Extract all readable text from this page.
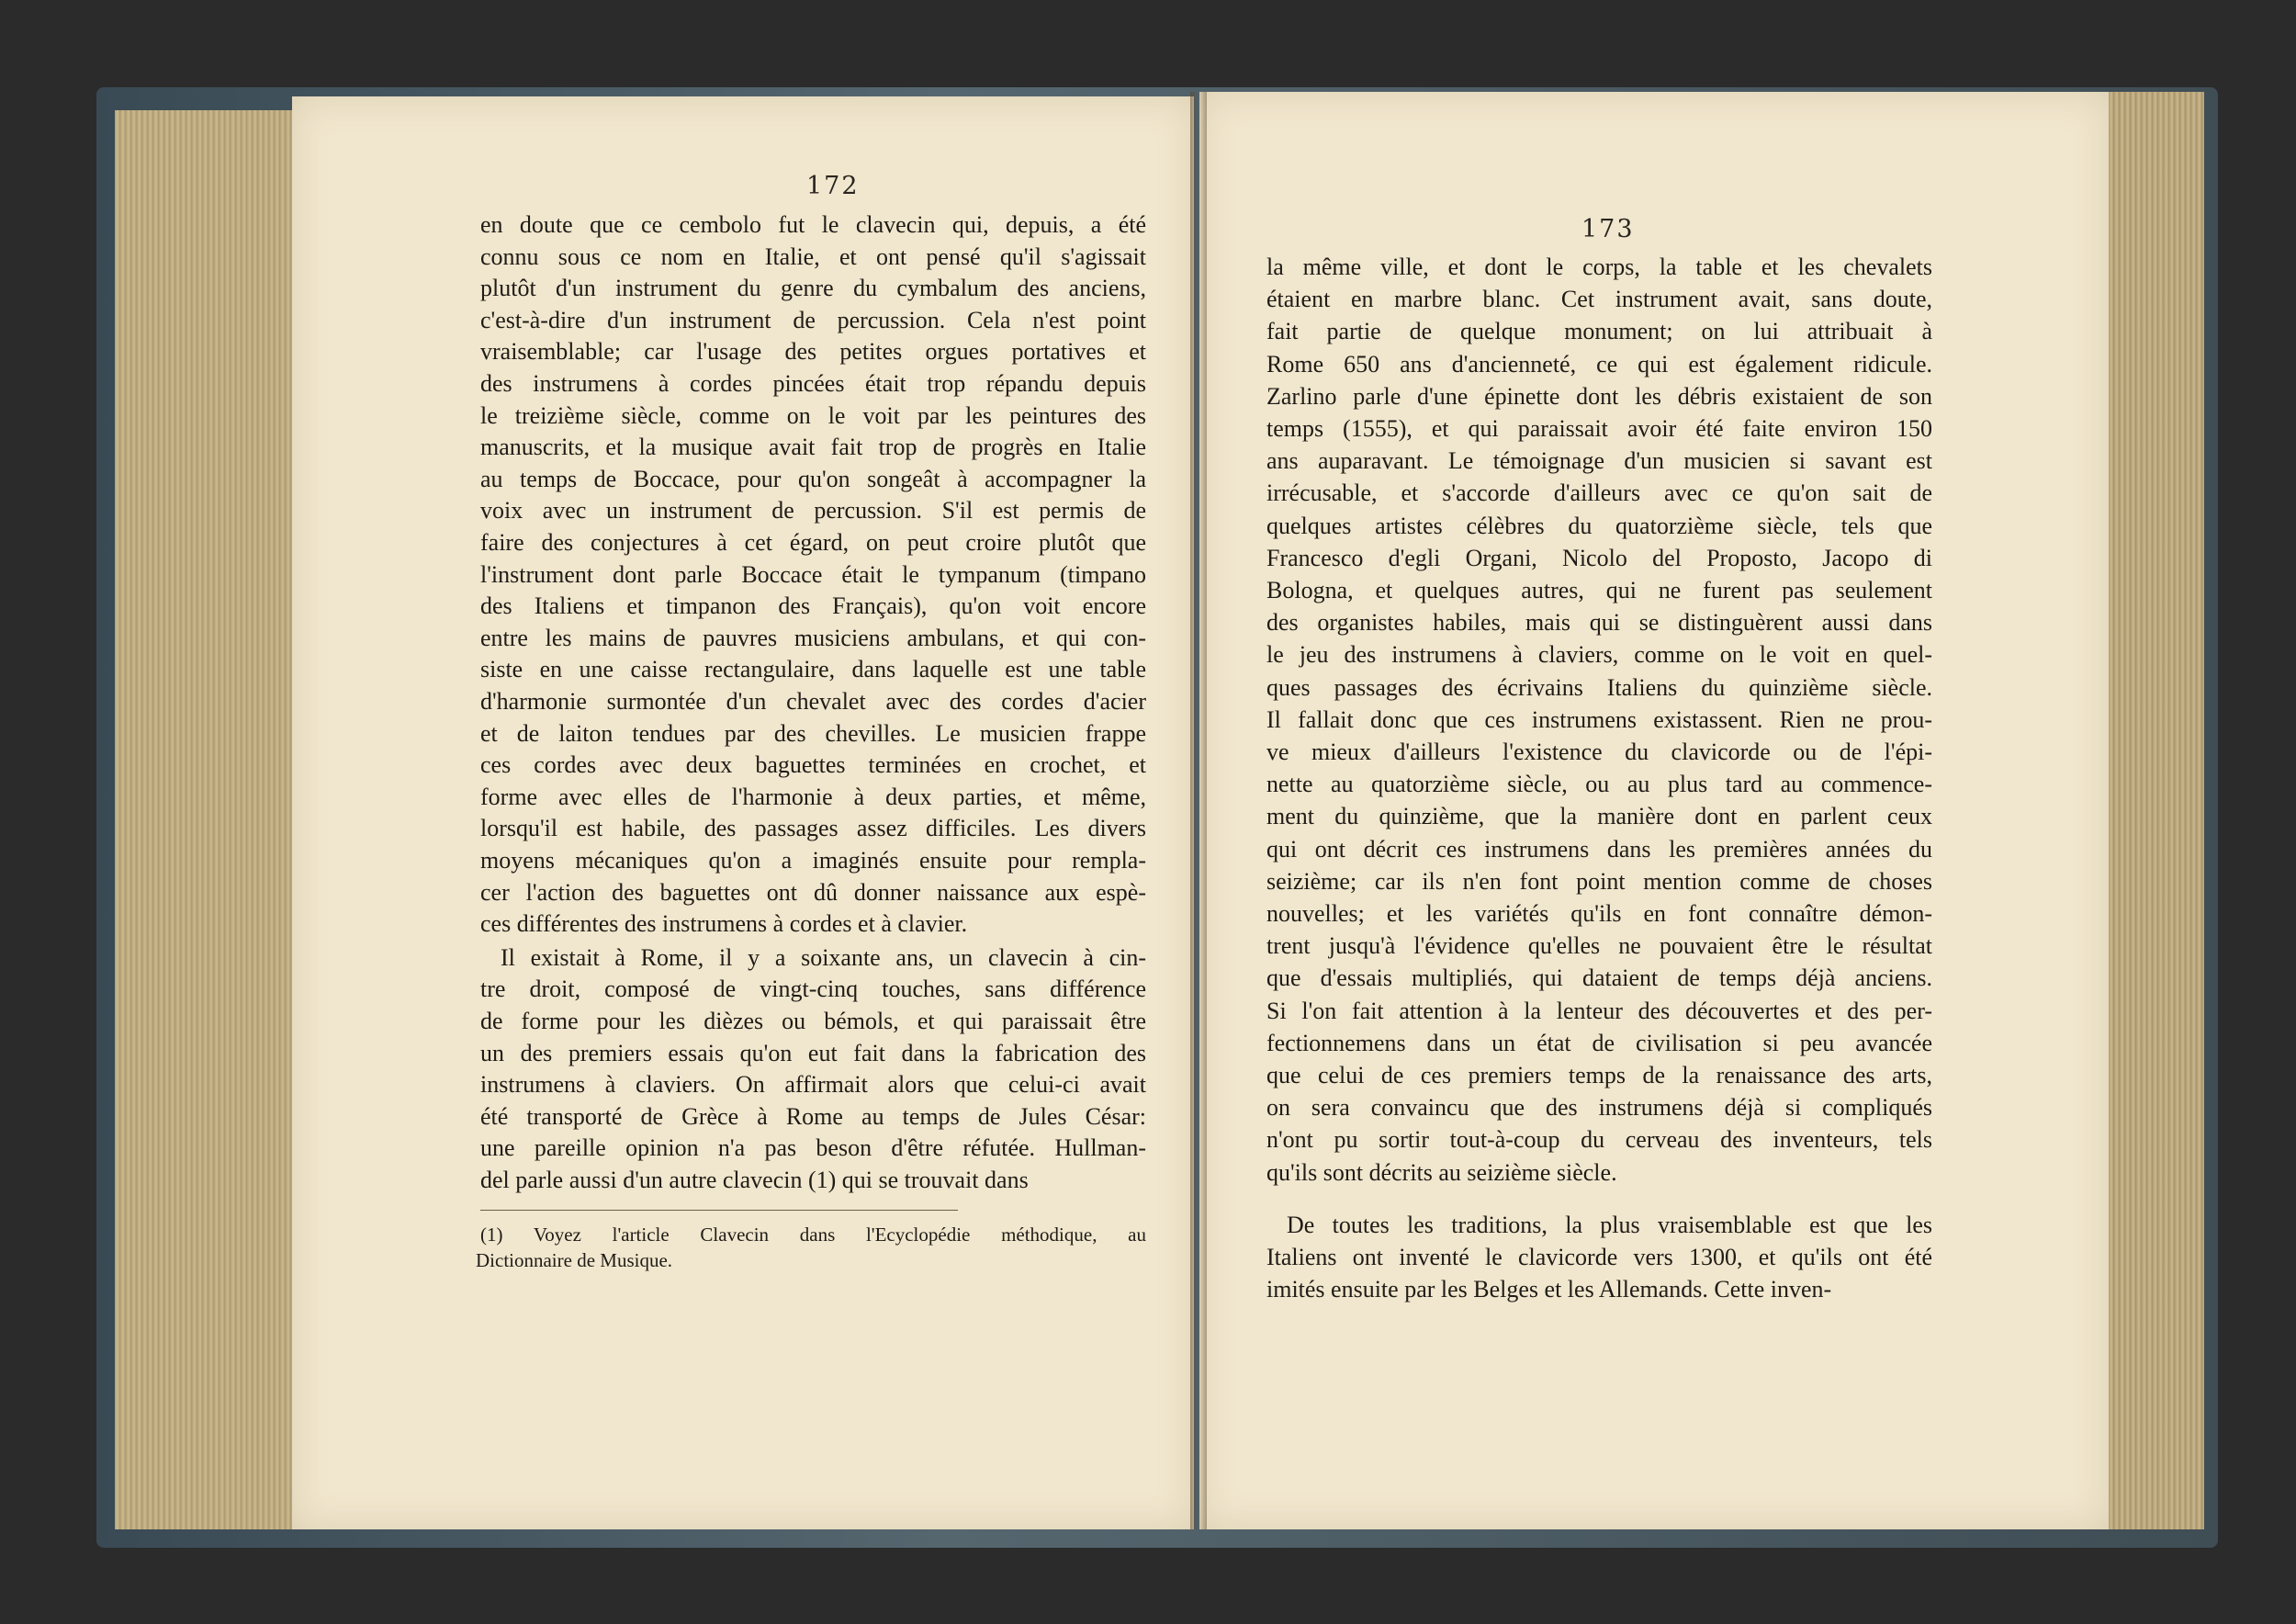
172
en doute que ce cembolo fut le clavecin qui, depuis, a été
connu sous ce nom en Italie, et ont pensé qu'il s'agissait
plutôt d'un instrument du genre du cymbalum des anciens,
c'est-à-dire d'un instrument de percussion. Cela n'est point
vraisemblable; car l'usage des petites orgues portatives et
des instrumens à cordes pincées était trop répandu depuis
le treizième siècle, comme on le voit par les peintures des
manuscrits, et la musique avait fait trop de progrès en Italie
au temps de Boccace, pour qu'on songeât à accompagner la
voix avec un instrument de percussion. S'il est permis de
faire des conjectures à cet égard, on peut croire plutôt que
l'instrument dont parle Boccace était le tympanum (timpano
des Italiens et timpanon des Français), qu'on voit encore
entre les mains de pauvres musiciens ambulans, et qui con-
siste en une caisse rectangulaire, dans laquelle est une table
d'harmonie surmontée d'un chevalet avec des cordes d'acier
et de laiton tendues par des chevilles. Le musicien frappe
ces cordes avec deux baguettes terminées en crochet, et
forme avec elles de l'harmonie à deux parties, et même,
lorsqu'il est habile, des passages assez difficiles. Les divers
moyens mécaniques qu'on a imaginés ensuite pour rempla-
cer l'action des baguettes ont dû donner naissance aux espè-
ces différentes des instrumens à cordes et à clavier.
Il existait à Rome, il y a soixante ans, un clavecin à cin-
tre droit, composé de vingt-cinq touches, sans différence
de forme pour les dièzes ou bémols, et qui paraissait être
un des premiers essais qu'on eut fait dans la fabrication des
instrumens à claviers. On affirmait alors que celui-ci avait
été transporté de Grèce à Rome au temps de Jules César:
une pareille opinion n'a pas beson d'être réfutée. Hullman-
del parle aussi d'un autre clavecin (1) qui se trouvait dans
(1) Voyez l'article Clavecin dans l'Ecyclopédie méthodique, au
Dictionnaire de Musique.
173
la même ville, et dont le corps, la table et les chevalets
étaient en marbre blanc. Cet instrument avait, sans doute,
fait partie de quelque monument; on lui attribuait à
Rome 650 ans d'ancienneté, ce qui est également ridicule.
Zarlino parle d'une épinette dont les débris existaient de son
temps (1555), et qui paraissait avoir été faite environ 150
ans auparavant. Le témoignage d'un musicien si savant est
irrécusable, et s'accorde d'ailleurs avec ce qu'on sait de
quelques artistes célèbres du quatorzième siècle, tels que
Francesco d'egli Organi, Nicolo del Proposto, Jacopo di
Bologna, et quelques autres, qui ne furent pas seulement
des organistes habiles, mais qui se distinguèrent aussi dans
le jeu des instrumens à claviers, comme on le voit en quel-
ques passages des écrivains Italiens du quinzième siècle.
Il fallait donc que ces instrumens existassent. Rien ne prou-
ve mieux d'ailleurs l'existence du clavicorde ou de l'épi-
nette au quatorzième siècle, ou au plus tard au commence-
ment du quinzième, que la manière dont en parlent ceux
qui ont décrit ces instrumens dans les premières années du
seizième; car ils n'en font point mention comme de choses
nouvelles; et les variétés qu'ils en font connaître démon-
trent jusqu'à l'évidence qu'elles ne pouvaient être le résultat
que d'essais multipliés, qui dataient de temps déjà anciens.
Si l'on fait attention à la lenteur des découvertes et des per-
fectionnemens dans un état de civilisation si peu avancée
que celui de ces premiers temps de la renaissance des arts,
on sera convaincu que des instrumens déjà si compliqués
n'ont pu sortir tout-à-coup du cerveau des inventeurs, tels
qu'ils sont décrits au seizième siècle.
De toutes les traditions, la plus vraisemblable est que les
Italiens ont inventé le clavicorde vers 1300, et qu'ils ont été
imités ensuite par les Belges et les Allemands. Cette inven-
